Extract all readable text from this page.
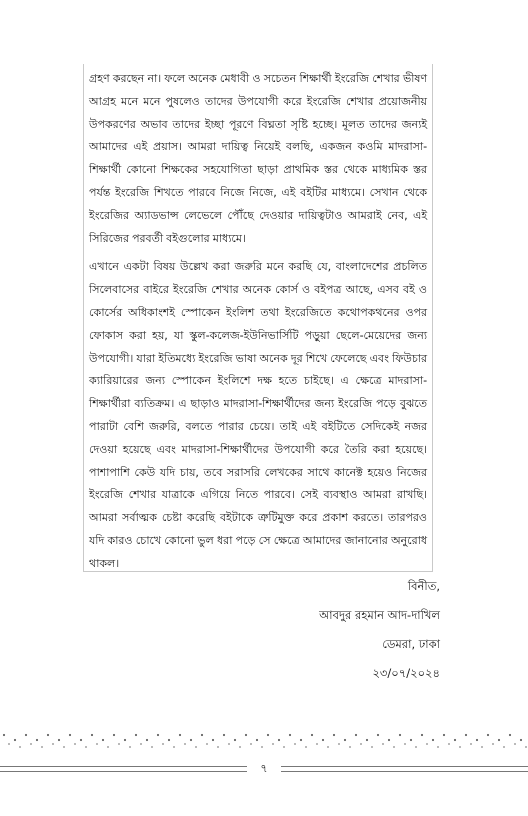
গ্রহণ করছেন না। ফলে অনেক মেধাবী ও সচেতন শিক্ষার্থী ইংরেজি শেখার ভীষণ আগ্রহ মনে মনে পুষলেও তাদের উপযোগী করে ইংরেজি শেখার প্রয়োজনীয় উপকরণের অভাব তাদের ইচ্ছা পূরণে বিঘ্নতা সৃষ্টি হচ্ছে। মূলত তাদের জন্যই আমাদের এই প্রয়াস। আমরা দায়িত্ব নিয়েই বলছি, একজন কওমি মাদরাসা-শিক্ষার্থী কোনো শিক্ষকের সহযোগিতা ছাড়া প্রাথমিক স্তর থেকে মাধ্যমিক স্তর পর্যন্ত ইংরেজি শিখতে পারবে নিজে নিজে, এই বইটির মাধ্যমে। সেখান থেকে ইংরেজির অ্যাডভান্স লেভেলে পৌঁছে দেওয়ার দায়িত্বটাও আমরাই নেব, এই সিরিজের পরবর্তী বইগুলোর মাধ্যমে।

এখানে একটা বিষয় উল্লেখ করা জরুরি মনে করছি যে, বাংলাদেশের প্রচলিত সিলেবাসের বাইরে ইংরেজি শেখার অনেক কোর্স ও বইপত্র আছে, এসব বই ও কোর্সের অধিকাংশই স্পোকেন ইংলিশ তথা ইংরেজিতে কথোপকথনের ওপর ফোকাস করা হয়, যা স্কুল-কলেজ-ইউনিভার্সিটি পড়ুয়া ছেলে-মেয়েদের জন্য উপযোগী। যারা ইতিমধ্যে ইংরেজি ভাষা অনেক দূর শিখে ফেলেছে এবং ফিউচার ক্যারিয়ারের জন্য স্পোকেন ইংলিশে দক্ষ হতে চাইছে। এ ক্ষেত্রে মাদরাসা-শিক্ষার্থীরা ব্যতিক্রম। এ ছাড়াও মাদরাসা-শিক্ষার্থীদের জন্য ইংরেজি পড়ে বুঝতে পারাটা বেশি জরুরি, বলতে পারার চেয়ে। তাই এই বইটিতে সেদিকেই নজর দেওয়া হয়েছে এবং মাদরাসা-শিক্ষার্থীদের উপযোগী করে তৈরি করা হয়েছে। পাশাপাশি কেউ যদি চায়, তবে সরাসরি লেখকের সাথে কানেক্ট হয়েও নিজের ইংরেজি শেখার যাত্রাকে এগিয়ে নিতে পারবে। সেই ব্যবস্থাও আমরা রাখছি। আমরা সর্বাত্মক চেষ্টা করেছি বইটাকে ত্রুটিমুক্ত করে প্রকাশ করতে। তারপরও যদি কারও চোখে কোনো ভুল ধরা পড়ে সে ক্ষেত্রে আমাদের জানানোর অনুরোধ থাকল।

বিনীত,
আবদুর রহমান আদ-দাখিল
ডেমরা, ঢাকা
২৩/০৭/২০২৪
৭
